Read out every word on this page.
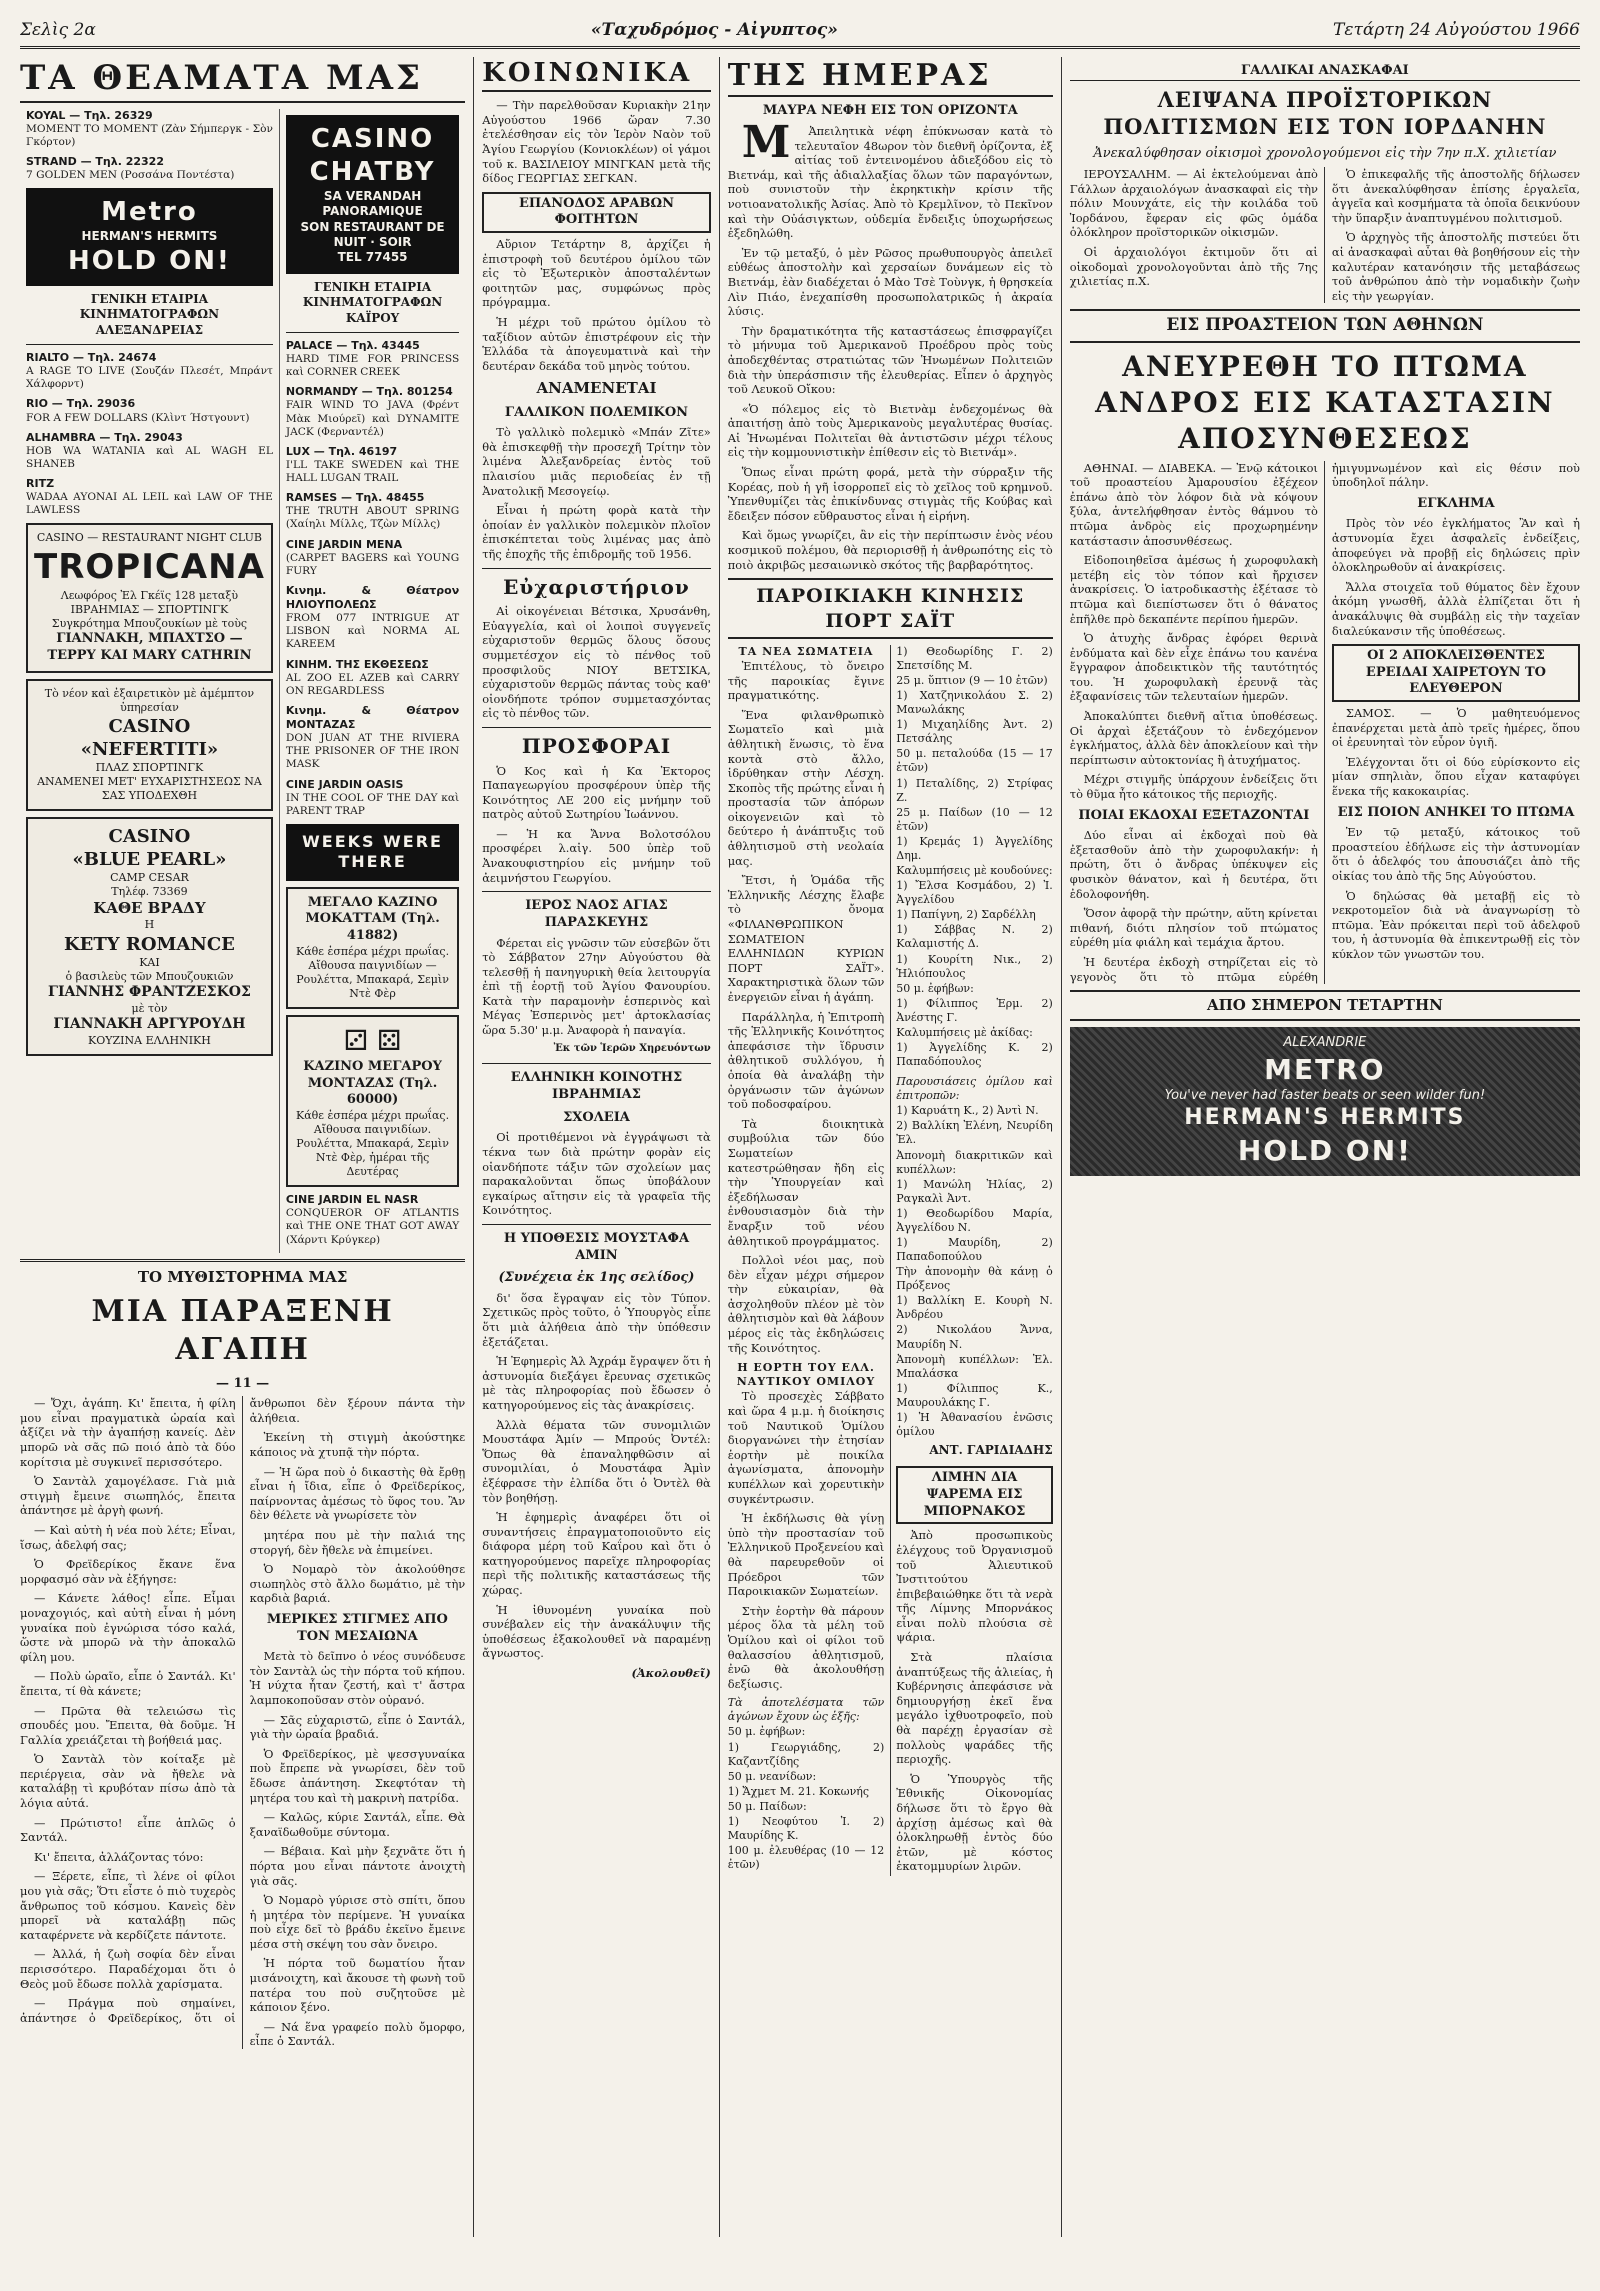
Σελὶς 2α	«Ταχυδρόμος - Αἰγυπτος»	Τετάρτη 24 Αὐγούστου 1966
ΤΑ ΘΕΑΜΑΤΑ ΜΑΣ
KOYAL — Τηλ. 26329
MOMENT TO MOMENT (Ζὰν Σήμπεργκ - Σὸν Γκόρτον)
STRAND — Τηλ. 22322
7 GOLDEN MEN (Ροσσάνα Ποντέστα)
Metro
HERMAN'S HERMITS
HOLD ON!
ΓΕΝΙΚΗ ΕΤΑΙΡΙΑ ΚΙΝΗΜΑΤΟΓΡΑΦΩΝ ΑΛΕΞΑΝΔΡΕΙΑΣ
RIALTO — Τηλ. 24674
A RAGE TO LIVE (Σουζάν Πλεσέτ, Μπράντ Χάλφορντ)
RIO — Τηλ. 29036
FOR A FEW DOLLARS (Κλὶντ Ήστγουντ)
ALHAMBRA — Τηλ. 29043
HOB WA WATANIA καὶ AL WAGH EL SHANEB
RITZ
WADAA AYONAI AL LEIL καὶ LAW OF THE LAWLESS
CASINO — RESTAURANT NIGHT CLUB
TROPICANA
Λεωφόρος Ἐλ Γκέϊς 128 μεταξὺ ΙΒΡΑΗΜΙΑΣ — ΣΠΟΡΤΙΝΓΚ
Συγκρότημα Μπουζουκίων μὲ τοὺς
ΓΙΑΝΝΑΚΗ, ΜΠΑΧΤΣΟ — ΤΕΡΡΥ ΚΑΙ MARY CATHRIN
Τὸ νέον καὶ ἐξαιρετικὸν μὲ ἀμέμπτον ὑπηρεσίαν
CASINO
«NEFERTITI»
ΠΛΑΖ ΣΠΟΡΤΙΝΓΚ
ΑΝΑΜΕΝΕΙ ΜΕΤ' ΕΥΧΑΡΙΣΤΗΣΕΩΣ ΝΑ ΣΑΣ ΥΠΟΔΕΧΘΗ
CASINO
«BLUE PEARL»
CAMP CESAR
Τηλέφ. 73369
ΚΑΘΕ ΒΡΑΔΥ
Η
KETY ROMANCE
ΚΑΙ
ὁ βασιλεὺς τῶν Μπουζουκιῶν
ΓΙΑΝΝΗΣ ΦΡΑΝΤΖΕΣΚΟΣ
μὲ τὸν
ΓΙΑΝΝΑΚΗ ΑΡΓΥΡΟΥΔΗ
ΚΟΥΖΙΝΑ ΕΛΛΗΝΙΚΗ
CASINO CHATBY
SA VERANDAH PANORAMIQUE
SON RESTAURANT DE NUIT · SOIR
TEL 77455
ΓΕΝΙΚΗ ΕΤΑΙΡΙΑ ΚΙΝΗΜΑΤΟΓΡΑΦΩΝ ΚΑΪΡΟΥ
PALACE — Τηλ. 43445
HARD TIME FOR PRINCESS καὶ CORNER CREEK
NORMANDY — Τηλ. 801254
FAIR WIND TO JAVA (Φρέντ Μὰκ Μιούρεῖ) καὶ DYNAMITE JACK (Φερναντέλ)
LUX — Τηλ. 46197
I'LL TAKE SWEDEN καὶ THE HALL LUGAN TRAIL
RAMSES — Τηλ. 48455
THE TRUTH ABOUT SPRING (Χαίηλι Μίλλς, Τζὼν Μίλλς)
CINE JARDIN MENA
(CARPET BAGERS καὶ YOUNG FURY
Κινημ. & Θέατρον ΗΛΙΟΥΠΟΛΕΩΣ
FROM 077 INTRIGUE AT LISBON καὶ NORMA AL KAREEM
ΚΙΝΗΜ. ΤΗΣ ΕΚΘΕΣΕΩΣ
AL ZOO EL AZEB καὶ CARRY ON REGARDLESS
Κινημ. & Θέατρον ΜΟΝΤΑΖΑΣ
DON JUAN AT THE RIVIERA THE PRISONER OF THE IRON MASK
CINE JARDIN OASIS
IN THE COOL OF THE DAY καὶ PARENT TRAP
WEEKS WERE THERE
ΜΕΓΑΛΟ ΚΑΖΙΝΟ ΜΟΚΑΤΤΑΜ (Τηλ. 41882)
Κάθε ἑσπέρα μέχρι πρωΐας. Αἴθουσα παιγνιδίων — Ρουλέττα, Μπακαρά, Σεμὶν Ντὲ Φὲρ
⚂ ⚄
ΚΑΖΙΝΟ ΜΕΓΑΡΟΥ ΜΟΝΤΑΖΑΣ (Τηλ. 60000)
Κάθε ἑσπέρα μέχρι πρωΐας. Αἴθουσα παιγνιδίων. Ρουλέττα, Μπακαρά, Σεμὶν Ντὲ Φὲρ, ἡμέραι τῆς Δευτέρας
CINE JARDIN EL NASR
CONQUEROR OF ATLANTIS καὶ THE ONE THAT GOT AWAY (Χάρντι Κρύγκερ)
ΤΟ ΜΥΘΙΣΤΟΡΗΜΑ ΜΑΣ
ΜΙΑ ΠΑΡΑΞΕΝΗ ΑΓΑΠΗ
— 11 —

— Ὄχι, ἀγάπη. Κι' ἔπειτα, ἡ φίλη μου εἶναι πραγματικὰ ὡραία καὶ ἀξίζει νὰ τὴν ἀγαπήσῃ κανείς. Δὲν μπορῶ νὰ σᾶς πῶ ποιό ἀπὸ τὰ δύο κορίτσια μὲ συγκινεῖ περισσότερο.

Ὁ Σαντὰλ χαμογέλασε. Γιὰ μιὰ στιγμὴ ἔμεινε σιωπηλός, ἔπειτα ἀπάντησε μὲ ἀργὴ φωνή.

— Καὶ αὐτὴ ἡ νέα ποὺ λέτε; Εἶναι, ἴσως, ἀδελφή σας;

Ὁ Φρεϊδερίκος ἔκανε ἕνα μορφασμό σὰν νὰ ἐξήγησε:

— Κάνετε λάθος! εἶπε. Εἶμαι μοναχογιός, καὶ αὐτὴ εἶναι ἡ μόνη γυναίκα ποὺ ἐγνώρισα τόσο καλά, ὥστε νὰ μπορῶ νὰ τὴν ἀποκαλῶ φίλη μου.

— Πολὺ ὡραῖο, εἶπε ὁ Σαντάλ. Κι' ἔπειτα, τί θὰ κάνετε;

— Πρῶτα θὰ τελειώσω τὶς σπουδές μου. Ἔπειτα, θὰ δοῦμε. Ἡ Γαλλία χρειάζεται τὴ βοήθειά μας.

Ὁ Σαντὰλ τὸν κοίταξε μὲ περιέργεια, σὰν νὰ ἤθελε νὰ καταλάβῃ τὶ κρυβόταν πίσω ἀπὸ τὰ λόγια αὐτά.

— Πρώτιστο! εἶπε ἁπλῶς ὁ Σαντάλ.

Κι' ἔπειτα, ἀλλάζοντας τόνο:

— Ξέρετε, εἶπε, τὶ λένε οἱ φίλοι μου γιὰ σᾶς; Ὅτι εἶστε ὁ πιὸ τυχερὸς ἄνθρωπος τοῦ κόσμου. Κανεὶς δὲν μπορεῖ νὰ καταλάβῃ πῶς καταφέρνετε νὰ κερδίζετε πάντοτε.

— Ἀλλά, ἡ ζωὴ σοφία δὲν εἶναι περισσότερο. Παραδέχομαι ὅτι ὁ Θεὸς μοῦ ἔδωσε πολλὰ χαρίσματα.

— Πράγμα ποὺ σημαίνει, ἀπάντησε ὁ Φρεϊδερίκος, ὅτι οἱ ἄνθρωποι δὲν ξέρουν πάντα τὴν ἀλήθεια.

Ἐκείνη τὴ στιγμὴ ἀκούστηκε κάποιος νὰ χτυπᾷ τὴν πόρτα.

— Ἡ ὥρα ποὺ ὁ δικαστὴς θὰ ἔρθῃ εἶναι ἡ ἴδια, εἶπε ὁ Φρεϊδερίκος, παίρνοντας ἀμέσως τὸ ὕφος του. Ἂν δὲν θέλετε νὰ γνωρίσετε τὸν

μητέρα που μὲ τὴν παλιά της στοργή, δὲν ἤθελε νὰ ἐπιμείνει.

Ὁ Νομαρὸ τὸν ἀκολούθησε σιωπηλὸς στὸ ἄλλο δωμάτιο, μὲ τὴν καρδιὰ βαριά.

ΜΕΡΙΚΕΣ ΣΤΙΓΜΕΣ ΑΠΟ ΤΟΝ ΜΕΣΑΙΩΝΑ

Μετὰ τὸ δεῖπνο ὁ νέος συνόδευσε τὸν Σαντὰλ ὡς τὴν πόρτα τοῦ κήπου. Ἡ νύχτα ἦταν ζεστή, καὶ τ' ἄστρα λαμποκοποῦσαν στὸν οὐρανό.

— Σᾶς εὐχαριστῶ, εἶπε ὁ Σαντάλ, γιὰ τὴν ὡραία βραδιά.

Ὁ Φρεϊδερίκος, μὲ ψεσσγυναίκα ποὺ ἔπρεπε νὰ γνωρίσει, δὲν τοῦ ἔδωσε ἀπάντηση. Σκεφτόταν τὴ μητέρα του καὶ τὴ μακρινὴ πατρίδα.

— Καλῶς, κύριε Σαντάλ, εἶπε. Θὰ ξαναϊδωθοῦμε σύντομα.

— Βέβαια. Καὶ μὴν ξεχνᾶτε ὅτι ἡ πόρτα μου εἶναι πάντοτε ἀνοιχτὴ γιὰ σᾶς.

Ὁ Νομαρὸ γύρισε στὸ σπίτι, ὅπου ἡ μητέρα τὸν περίμενε. Ἡ γυναίκα ποὺ εἶχε δεῖ τὸ βράδυ ἐκεῖνο ἔμεινε μέσα στὴ σκέψη του σὰν ὄνειρο.

Ἡ πόρτα τοῦ δωματίου ἦταν μισάνοιχτη, καὶ ἄκουσε τὴ φωνὴ τοῦ πατέρα του ποὺ συζητοῦσε μὲ κάποιον ξένο.

— Νά ἕνα γραφείο πολὺ ὄμορφο, εἶπε ὁ Σαντάλ.

ΚΟΙΝΩΝΙΚΑ

— Τὴν παρελθοῦσαν Κυριακὴν 21ην Αὐγούστου 1966 ὥραν 7.30 ἐτελέσθησαν εἰς τὸν Ἱερὸν Ναὸν τοῦ Ἁγίου Γεωργίου (Κονιοκλέων) οἱ γάμοι τοῦ κ. ΒΑΣΙΛΕΙΟΥ ΜΙΝΓΚΑΝ μετὰ τῆς δίδος ΓΕΩΡΓΙΑΣ ΣΕΓΚΑΝ.

ΕΠΑΝΟΔΟΣ ΑΡΑΒΩΝ ΦΟΙΤΗΤΩΝ

Αὔριον Τετάρτην 8, ἀρχίζει ἡ ἐπιστροφὴ τοῦ δευτέρου ὁμίλου τῶν εἰς τὸ Ἐξωτερικὸν ἀποσταλέντων φοιτητῶν μας, συμφώνως πρὸς πρόγραμμα.

Ἡ μέχρι τοῦ πρώτου ὁμίλου τὸ ταξίδιον αὐτῶν ἐπιστρέφουν εἰς τὴν Ἑλλάδα τὰ ἀπογευματινὰ καὶ τὴν δευτέραν δεκάδα τοῦ μηνὸς τούτου.

ΑΝΑΜΕΝΕΤΑΙ
ΓΑΛΛΙΚΟΝ ΠΟΛΕΜΙΚΟΝ

Τὸ γαλλικὸ πολεμικὸ «Μπάν Ζῖτε» θὰ ἐπισκεφθῇ τὴν προσεχῆ Τρίτην τὸν λιμένα Ἀλεξανδρείας ἐντὸς τοῦ πλαισίου μιᾶς περιοδείας ἐν τῇ Ἀνατολικῇ Μεσογείῳ.

Εἶναι ἡ πρώτη φορὰ κατὰ τὴν ὁποίαν ἐν γαλλικὸν πολεμικὸν πλοῖον ἐπισκέπτεται τοὺς λιμένας μας ἀπὸ τῆς ἐποχῆς τῆς ἐπιδρομῆς τοῦ 1956.

Εὐχαριστήριον

Αἱ οἰκογένειαι Βέτσικα, Χρυσάνθη, Εὐαγγελία, καὶ οἱ λοιποὶ συγγενεῖς εὐχαριστοῦν θερμῶς ὅλους ὅσους συμμετέσχον εἰς τὸ πένθος τοῦ προσφιλοῦς ΝΙΟΥ ΒΕΤΣΙΚΑ, εὐχαριστοῦν θερμῶς πάντας τοὺς καθ' οἱονδήποτε τρόπον συμμετασχόντας εἰς τὸ πένθος τῶν.

ΠΡΟΣΦΟΡΑΙ

Ὁ Κος καὶ ἡ Κα Ἐκτορος Παπαγεωργίου προσφέρουν ὑπὲρ τῆς Κοινότητος ΛΕ 200 εἰς μνήμην τοῦ πατρὸς αὐτοῦ Σωτηρίου Ἰωάννου.

— Ἡ κα Ἄννα Βολοτσόλου προσφέρει λ.αἰγ. 500 ὑπὲρ τοῦ Ἀνακουφιστηρίου εἰς μνήμην τοῦ ἀειμνήστου Γεωργίου.

ΙΕΡΟΣ ΝΑΟΣ ΑΓΙΑΣ ΠΑΡΑΣΚΕΥΗΣ

Φέρεται εἰς γνῶσιν τῶν εὐσεβῶν ὅτι τὸ Σάββατον 27ην Αὐγούστου θὰ τελεσθῇ ἡ πανηγυρικὴ θεία λειτουργία ἐπὶ τῇ ἑορτῇ τοῦ Ἁγίου Φανουρίου. Κατὰ τὴν παραμονὴν ἑσπερινὸς καὶ Μέγας Ἑσπερινὸς μετ' ἀρτοκλασίας ὥρα 5.30' μ.μ. Ἀναφορὰ ἡ παναγία.

Ἐκ τῶν Ἱερῶν Χηρευόντων
ΕΛΛΗΝΙΚΗ ΚΟΙΝΟΤΗΣ ΙΒΡΑΗΜΙΑΣ
ΣΧΟΛΕΙΑ

Οἱ προτιθέμενοι νὰ ἐγγράψωσι τὰ τέκνα των διὰ πρώτην φορὰν εἰς οἱανδήποτε τάξιν τῶν σχολείων μας παρακαλοῦνται ὅπως ὑποβάλουν εγκαίρως αἴτησιν εἰς τὰ γραφεῖα τῆς Κοινότητος.

Η ΥΠΟΘΕΣΙΣ ΜΟΥΣΤΑΦΑ ΑΜΙΝ
(Συνέχεια ἐκ 1ης σελίδος)

δι' ὅσα ἔγραψαν εἰς τὸν Τύπον. Σχετικῶς πρὸς τοῦτο, ὁ Ὑπουργὸς εἶπε ὅτι μιὰ ἀλήθεια ἀπὸ τὴν ὑπόθεσιν ἐξετάζεται.

Ἡ Ἐφημερὶς Ἀλ Ἀχράμ ἔγραψεν ὅτι ἡ ἀστυνομία διεξάγει ἔρευνας σχετικῶς μὲ τὰς πληροφορίας ποὺ ἔδωσεν ὁ κατηγορούμενος εἰς τὰς ἀνακρίσεις.

Ἀλλὰ θέματα τῶν συνομιλιῶν Μουστάφα Ἀμίν — Μπρούς Ὀντέλ: Ὅπως θὰ ἐπαναληφθῶσιν αἱ συνομιλίαι, ὁ Μουστάφα Ἀμὶν ἐξέφρασε τὴν ἐλπίδα ὅτι ὁ Ὀντὲλ θὰ τὸν βοηθήσῃ.

Ἡ ἐφημερὶς ἀναφέρει ὅτι οἱ συναντήσεις ἐπραγματοποιοῦντο εἰς διάφορα μέρη τοῦ Καΐρου καὶ ὅτι ὁ κατηγορούμενος παρεῖχε πληροφορίας περὶ τῆς πολιτικῆς καταστάσεως τῆς χώρας.

Ἡ ἰθυνομένη γυναίκα ποὺ συνέβαλεν εἰς τὴν ἀνακάλυψιν τῆς ὑποθέσεως ἐξακολουθεῖ νὰ παραμένῃ ἄγνωστος.

(Ἀκολουθεῖ)
ΤΗΣ ΗΜΕΡΑΣ
ΜΑΥΡΑ ΝΕΦΗ ΕΙΣ ΤΟΝ ΟΡΙΖΟΝΤΑ

ΜἈπειλητικὰ νέφη ἐπύκνωσαν κατὰ τὸ τελευταῖον 48ωρον τὸν διεθνῆ ὁρίζοντα, ἐξ αἰτίας τοῦ ἐντεινομένου ἀδιεξόδου εἰς τὸ Βιετνάμ, καὶ τῆς ἀδιαλλαξίας ὅλων τῶν παραγόντων, ποὺ συνιστοῦν τὴν ἐκρηκτικὴν κρίσιν τῆς νοτιοανατολικῆς Ἀσίας. Ἀπὸ τὸ Κρεμλῖνον, τὸ Πεκῖνον καὶ τὴν Οὐάσιγκτων, οὐδεμία ἔνδειξις ὑποχωρήσεως ἐξεδηλώθη.

Ἐν τῷ μεταξύ, ὁ μὲν Ρῶσος πρωθυπουργὸς ἀπειλεῖ εὐθέως ἀποστολὴν καὶ χερσαίων δυνάμεων εἰς τὸ Βιετνάμ, ἐὰν διαδέχεται ὁ Μὰο Τσὲ Τοὺνγκ, ἡ θρησκεία Λὶν Πιάο, ἐνεχαπίσθη προσωπολατρικῶς ἡ ἀκραία λύσις.

Τὴν δραματικότητα τῆς καταστάσεως ἐπισφραγίζει τὸ μήνυμα τοῦ Ἀμερικανοῦ Προέδρου πρὸς τοὺς ἀποδεχθέντας στρατιώτας τῶν Ἡνωμένων Πολιτειῶν διὰ τὴν ὑπεράσπισιν τῆς ἐλευθερίας. Εἶπεν ὁ ἀρχηγὸς τοῦ Λευκοῦ Οἴκου:

«Ὁ πόλεμος εἰς τὸ Βιετνὰμ ἐνδεχομένως θὰ ἀπαιτήσῃ ἀπὸ τοὺς Ἀμερικανοὺς μεγαλυτέρας θυσίας. Αἱ Ἡνωμέναι Πολιτεῖαι θὰ ἀντιστῶσιν μέχρι τέλους εἰς τὴν κομμουνιστικὴν ἐπίθεσιν εἰς τὸ Βιετνάμ».

Ὅπως εἶναι πρώτη φορά, μετὰ τὴν σύρραξιν τῆς Κορέας, ποὺ ἡ γῆ ἰσορροπεῖ εἰς τὸ χεῖλος τοῦ κρημνοῦ. Ὑπενθυμίζει τὰς ἐπικίνδυνας στιγμὰς τῆς Κούβας καὶ ἔδειξεν πόσον εὔθραυστος εἶναι ἡ εἰρήνη.

Καὶ ὅμως γνωρίζει, ἂν εἰς τὴν περίπτωσιν ἑνὸς νέου κοσμικοῦ πολέμου, θὰ περιορισθῇ ἡ ἀνθρωπότης εἰς τὸ ποιὸ ἀκριβῶς μεσαιωνικὸ σκότος τῆς βαρβαρότητος.

ΠΑΡΟΙΚΙΑΚΗ ΚΙΝΗΣΙΣ ΠΟΡΤ ΣΑΪΤ
ΤΑ ΝΕΑ ΣΩΜΑΤΕΙΑ

Ἐπιτέλους, τὸ ὄνειρο τῆς παροικίας ἔγινε πραγματικότης.

Ἕνα φιλανθρωπικὸ Σωματεῖο καὶ μιὰ ἀθλητικὴ ἕνωσις, τὸ ἕνα κοντὰ στὸ ἄλλο, ἱδρύθηκαν στὴν Λέσχη. Σκοπὸς τῆς πρώτης εἶναι ἡ προστασία τῶν ἀπόρων οἰκογενειῶν καὶ τὸ δεύτερο ἡ ἀνάπτυξις τοῦ ἀθλητισμοῦ στὴ νεολαία μας.

Ἔτσι, ἡ Ὁμάδα τῆς Ἑλληνικῆς Λέσχης ἔλαβε τὸ ὄνομα «ΦΙΛΑΝΘΡΩΠΙΚΟΝ ΣΩΜΑΤΕΙΟΝ ΕΛΛΗΝΙΔΩΝ ΚΥΡΙΩΝ ΠΟΡΤ ΣΑΪΤ». Χαρακτηριστικὰ ὅλων τῶν ἐνεργειῶν εἶναι ἡ ἀγάπη.

Παράλληλα, ἡ Ἐπιτροπὴ τῆς Ἑλληνικῆς Κοινότητος ἀπεφάσισε τὴν ἵδρυσιν ἀθλητικοῦ συλλόγου, ἡ ὁποία θὰ ἀναλάβῃ τὴν ὀργάνωσιν τῶν ἀγώνων τοῦ ποδοσφαίρου.

Τὰ διοικητικὰ συμβούλια τῶν δύο Σωματείων κατεστρώθησαν ἤδη εἰς τὴν Ὑπουργείαν καὶ ἐξεδήλωσαν ἐνθουσιασμὸν διὰ τὴν ἔναρξιν τοῦ νέου ἀθλητικοῦ προγράμματος.

Πολλοὶ νέοι μας, ποὺ δὲν εἶχαν μέχρι σήμερον τὴν εὐκαιρίαν, θὰ ἀσχοληθοῦν πλέον μὲ τὸν ἀθλητισμὸν καὶ θὰ λάβουν μέρος εἰς τὰς ἐκδηλώσεις τῆς Κοινότητος.

Η ΕΟΡΤΗ ΤΟΥ ΕΛΛ. ΝΑΥΤΙΚΟΥ ΟΜΙΛΟΥ

Τὸ προσεχὲς Σάββατο καὶ ὥρα 4 μ.μ. ἡ διοίκησις τοῦ Ναυτικοῦ Ὁμίλου διοργανώνει τὴν ἐτησίαν ἑορτὴν μὲ ποικίλα ἀγωνίσματα, ἀπονομὴν κυπέλλων καὶ χορευτικὴν συγκέντρωσιν.

Ἡ ἐκδήλωσις θὰ γίνῃ ὑπὸ τὴν προστασίαν τοῦ Ἑλληνικοῦ Προξενείου καὶ θὰ παρευρεθοῦν οἱ Πρόεδροι τῶν Παροικιακῶν Σωματείων.

Στὴν ἑορτὴν θὰ πάρουν μέρος ὅλα τὰ μέλη τοῦ Ὁμίλου καὶ οἱ φίλοι τοῦ θαλασσίου ἀθλητισμοῦ, ἐνῶ θὰ ἀκολουθήσῃ δεξίωσις.

Τὰ ἀποτελέσματα τῶν ἀγώνων ἔχουν ὡς ἑξῆς:
50 μ. ἐφήβων:
1) Γεωργιάδης, 2) Καζαντζίδης
50 μ. νεανίδων:
1) Ἄχμετ Μ. 21. Κοκωνής
50 μ. Παίδων:
1) Νεοφύτου Ἰ. 2) Μαυρίδης Κ.
100 μ. ἐλευθέρας (10 — 12 ἐτῶν)
1) Θεοδωρίδης Γ. 2) Σπετσίδης Μ.
25 μ. ὕπτιον (9 — 10 ἐτῶν)
1) Χατζηνικολάου Σ. 2) Μανωλάκης
1) Μιχαηλίδης Ἀντ. 2) Πετσάλης
50 μ. πεταλούδα (15 — 17 ἐτῶν)
1) Πεταλίδης, 2) Στρίφας Ζ.
25 μ. Παίδων (10 — 12 ἐτῶν)
1) Κρεμάς 1) Ἀγγελίδης Δημ.
Καλυμπήσεις μὲ κουδούνες:
1) Ἔλσα Κοσμάδου, 2) Ἰ. Ἀγγελίδου
1) Παπίγνη, 2) Σαρδέλλη
1) Σάββας Ν. 2) Καλαμιστής Δ.
1) Κουρίτη Νικ., 2) Ἡλιόπουλος
50 μ. ἐφήβων:
1) Φίλιππος Ἑρμ. 2) Ἀνέστης Γ.
Καλυμπήσεις μὲ ἀκίδας:
1) Ἀγγελίδης Κ. 2) Παπαδόπουλος
Παρουσιάσεις ὁμίλου καὶ ἐπιτροπῶν:
1) Καρυάτη Κ., 2) Ἀντὶ Ν.
2) Βαλλίκη Ἐλένη, Νευρίδη Ἐλ.
Ἀπονομὴ διακριτικῶν καὶ κυπέλλων:
1) Μανώλη Ἠλίας, 2) Ραγκαλὶ Ἀντ.
1) Θεοδωρίδου Μαρία, Ἀγγελίδου Ν.
1) Μαυρίδη, 2) Παπαδοπούλου
Τὴν ἀπονομὴν θὰ κάνῃ ὁ Πρόξενος
1) Βαλλίκη Ε. Κουρὴ Ν. Ἀνδρέου
2) Νικολάου Ἄννα, Μαυρίδη Ν.
Ἀπονομὴ κυπέλλων: Ἐλ. Μπαλάσκα
1) Φίλιππος Κ., Μαυρουλάκης Γ.
1) Ἡ Ἀθανασίου ἑνῶσις ὁμίλου
ΑΝΤ. ΓΑΡΙΔΙΑΔΗΣ
ΛΙΜΗΝ ΔΙΑ ΨΑΡΕΜΑ ΕΙΣ ΜΠΟΡΝΑΚΟΣ

Ἀπὸ προσωπικοὺς ἐλέγχους τοῦ Ὀργανισμοῦ τοῦ Ἀλιευτικοῦ Ἰνστιτούτου ἐπιβεβαιώθηκε ὅτι τὰ νερὰ τῆς Λίμνης Μπορνάκος εἶναι πολὺ πλούσια σὲ ψάρια.

Στὰ πλαίσια ἀναπτύξεως τῆς ἁλιείας, ἡ Κυβέρνησις ἀπεφάσισε νὰ δημιουργήσῃ ἐκεῖ ἕνα μεγάλο ἰχθυοτροφεῖο, ποὺ θὰ παρέχῃ ἐργασίαν σὲ πολλοὺς ψαράδες τῆς περιοχῆς.

Ὁ Ὑπουργὸς τῆς Ἐθνικῆς Οἰκονομίας δήλωσε ὅτι τὸ ἔργο θὰ ἀρχίσῃ ἀμέσως καὶ θὰ ὁλοκληρωθῇ ἐντὸς δύο ἐτῶν, μὲ κόστος ἑκατομμυρίων λιρῶν.

ΓΑΛΛΙΚΑΙ ΑΝΑΣΚΑΦΑΙ
ΛΕΙΨΑΝΑ ΠΡΟΪΣΤΟΡΙΚΩΝ ΠΟΛΙΤΙΣΜΩΝ ΕΙΣ ΤΟΝ ΙΟΡΔΑΝΗΝ
Ἀνεκαλύφθησαν οἰκισμοὶ χρονολογούμενοι εἰς τὴν 7ην π.Χ. χιλιετίαν

ΙΕΡΟΥΣΑΛΗΜ. — Αἱ ἐκτελούμεναι ἀπὸ Γάλλων ἀρχαιολόγων ἀνασκαφαὶ εἰς τὴν πόλιν Μουνχάτε, εἰς τὴν κοιλάδα τοῦ Ἰορδάνου, ἔφεραν εἰς φῶς ὁμάδα ὁλόκληρον προϊστορικῶν οἰκισμῶν.

Οἱ ἀρχαιολόγοι ἐκτιμοῦν ὅτι αἱ οἰκοδομαὶ χρονολογοῦνται ἀπὸ τῆς 7ης χιλιετίας π.Χ.

Ὁ ἐπικεφαλῆς τῆς ἀποστολῆς δήλωσεν ὅτι ἀνεκαλύφθησαν ἐπίσης ἐργαλεῖα, ἀγγεῖα καὶ κοσμήματα τὰ ὁποῖα δεικνύουν τὴν ὕπαρξιν ἀναπτυγμένου πολιτισμοῦ.

Ὁ ἀρχηγὸς τῆς ἀποστολῆς πιστεύει ὅτι αἱ ἀνασκαφαὶ αὗται θὰ βοηθήσουν εἰς τὴν καλυτέραν κατανόησιν τῆς μεταβάσεως τοῦ ἀνθρώπου ἀπὸ τὴν νομαδικὴν ζωὴν εἰς τὴν γεωργίαν.

ΕΙΣ ΠΡΟΑΣΤΕΙΟΝ ΤΩΝ ΑΘΗΝΩΝ
ΑΝΕΥΡΕΘΗ ΤΟ ΠΤΩΜΑ ΑΝΔΡΟΣ ΕΙΣ ΚΑΤΑΣΤΑΣΙΝ ΑΠΟΣΥΝΘΕΣΕΩΣ

ΑΘΗΝΑΙ. — ΔΙΑΒΕΚΑ. — Ἐνῷ κάτοικοι τοῦ προαστείου Ἀμαρουσίου ἐξέχεον ἐπάνω ἀπὸ τὸν λόφον διὰ νὰ κόψουν ξύλα, ἀντελήφθησαν ἐντὸς θάμνου τὸ πτῶμα ἀνδρὸς εἰς προχωρημένην κατάστασιν ἀποσυνθέσεως.

Εἰδοποιηθεῖσα ἀμέσως ἡ χωροφυλακὴ μετέβη εἰς τὸν τόπον καὶ ἤρχισεν ἀνακρίσεις. Ὁ ἰατροδικαστὴς ἐξέτασε τὸ πτῶμα καὶ διεπίστωσεν ὅτι ὁ θάνατος ἐπῆλθε πρὸ δεκαπέντε περίπου ἡμερῶν.

Ὁ ἀτυχὴς ἄνδρας ἐφόρει θερινὰ ἐνδύματα καὶ δὲν εἶχε ἐπάνω του κανένα ἔγγραφον ἀποδεικτικὸν τῆς ταυτότητός του. Ἡ χωροφυλακὴ ἐρευνᾷ τὰς ἐξαφανίσεις τῶν τελευταίων ἡμερῶν.

Ἀποκαλύπτει διεθνῆ αἴτια ὑποθέσεως. Οἱ ἀρχαὶ ἐξετάζουν τὸ ἐνδεχόμενον ἐγκλήματος, ἀλλὰ δὲν ἀποκλείουν καὶ τὴν περίπτωσιν αὐτοκτονίας ἢ ἀτυχήματος.

Μέχρι στιγμῆς ὑπάρχουν ἐνδείξεις ὅτι τὸ θῦμα ἦτο κάτοικος τῆς περιοχῆς.

ΠΟΙΑΙ ΕΚΔΟΧΑΙ ΕΞΕΤΑΖΟΝΤΑΙ

Δύο εἶναι αἱ ἐκδοχαὶ ποὺ θὰ ἐξετασθοῦν ἀπὸ τὴν χωροφυλακήν: ἡ πρώτη, ὅτι ὁ ἄνδρας ὑπέκυψεν εἰς φυσικὸν θάνατον, καὶ ἡ δευτέρα, ὅτι ἐδολοφονήθη.

Ὅσον ἀφορᾷ τὴν πρώτην, αὕτη κρίνεται πιθανή, διότι πλησίον τοῦ πτώματος εὑρέθη μία φιάλη καὶ τεμάχια ἄρτου.

Ἡ δευτέρα ἐκδοχὴ στηρίζεται εἰς τὸ γεγονὸς ὅτι τὸ πτῶμα εὑρέθη ἠμιγυμνωμένον καὶ εἰς θέσιν ποὺ ὑποδηλοῖ πάλην.

ΕΓΚΛΗΜΑ

Πρὸς τὸν νέο ἐγκλήματος Ἂν καὶ ἡ ἀστυνομία ἔχει ἀσφαλεῖς ἐνδείξεις, ἀποφεύγει νὰ προβῇ εἰς δηλώσεις πρὶν ὁλοκληρωθοῦν αἱ ἀνακρίσεις.

Ἄλλα στοιχεῖα τοῦ θύματος δὲν ἔχουν ἀκόμη γνωσθῆ, ἀλλὰ ἐλπίζεται ὅτι ἡ ἀνακάλυψις θὰ συμβάλῃ εἰς τὴν ταχεῖαν διαλεύκανσιν τῆς ὑποθέσεως.

ΟΙ 2 ΑΠΟΚΛΕΙΣΘΕΝΤΕΣ ΕΡΕΙΔΑΙ ΧΑΙΡΕΤΟΥΝ ΤΟ ΕΛΕΥΘΕΡΟΝ

ΣΑΜΟΣ. — Ὁ μαθητευόμενος ἐπανέρχεται μετὰ ἀπὸ τρεῖς ἡμέρες, ὅπου οἱ ἐρευνηταὶ τὸν εὗρον ὑγιῆ.

Ἐλέγχονται ὅτι οἱ δύο εὑρίσκοντο εἰς μίαν σπηλιὰν, ὅπου εἶχαν καταφύγει ἕνεκα τῆς κακοκαιρίας.

ΕΙΣ ΠΟΙΟΝ ΑΝΗΚΕΙ ΤΟ ΠΤΩΜΑ

Ἐν τῷ μεταξύ, κάτοικος τοῦ προαστείου ἐδήλωσε εἰς τὴν ἀστυνομίαν ὅτι ὁ ἀδελφός του ἀπουσιάζει ἀπὸ τῆς οἰκίας του ἀπὸ τῆς 5ης Αὐγούστου.

Ὁ δηλώσας θὰ μεταβῇ εἰς τὸ νεκροτομεῖον διὰ νὰ ἀναγνωρίσῃ τὸ πτῶμα. Ἐὰν πρόκειται περὶ τοῦ ἀδελφοῦ του, ἡ ἀστυνομία θὰ ἐπικεντρωθῇ εἰς τὸν κύκλον τῶν γνωστῶν του.

ΑΠΟ ΣΗΜΕΡΟΝ ΤΕΤΑΡΤΗΝ
ALEXANDRIE
METRO
You've never had faster beats or seen wilder fun!
HERMAN'S HERMITS
HOLD ON!
